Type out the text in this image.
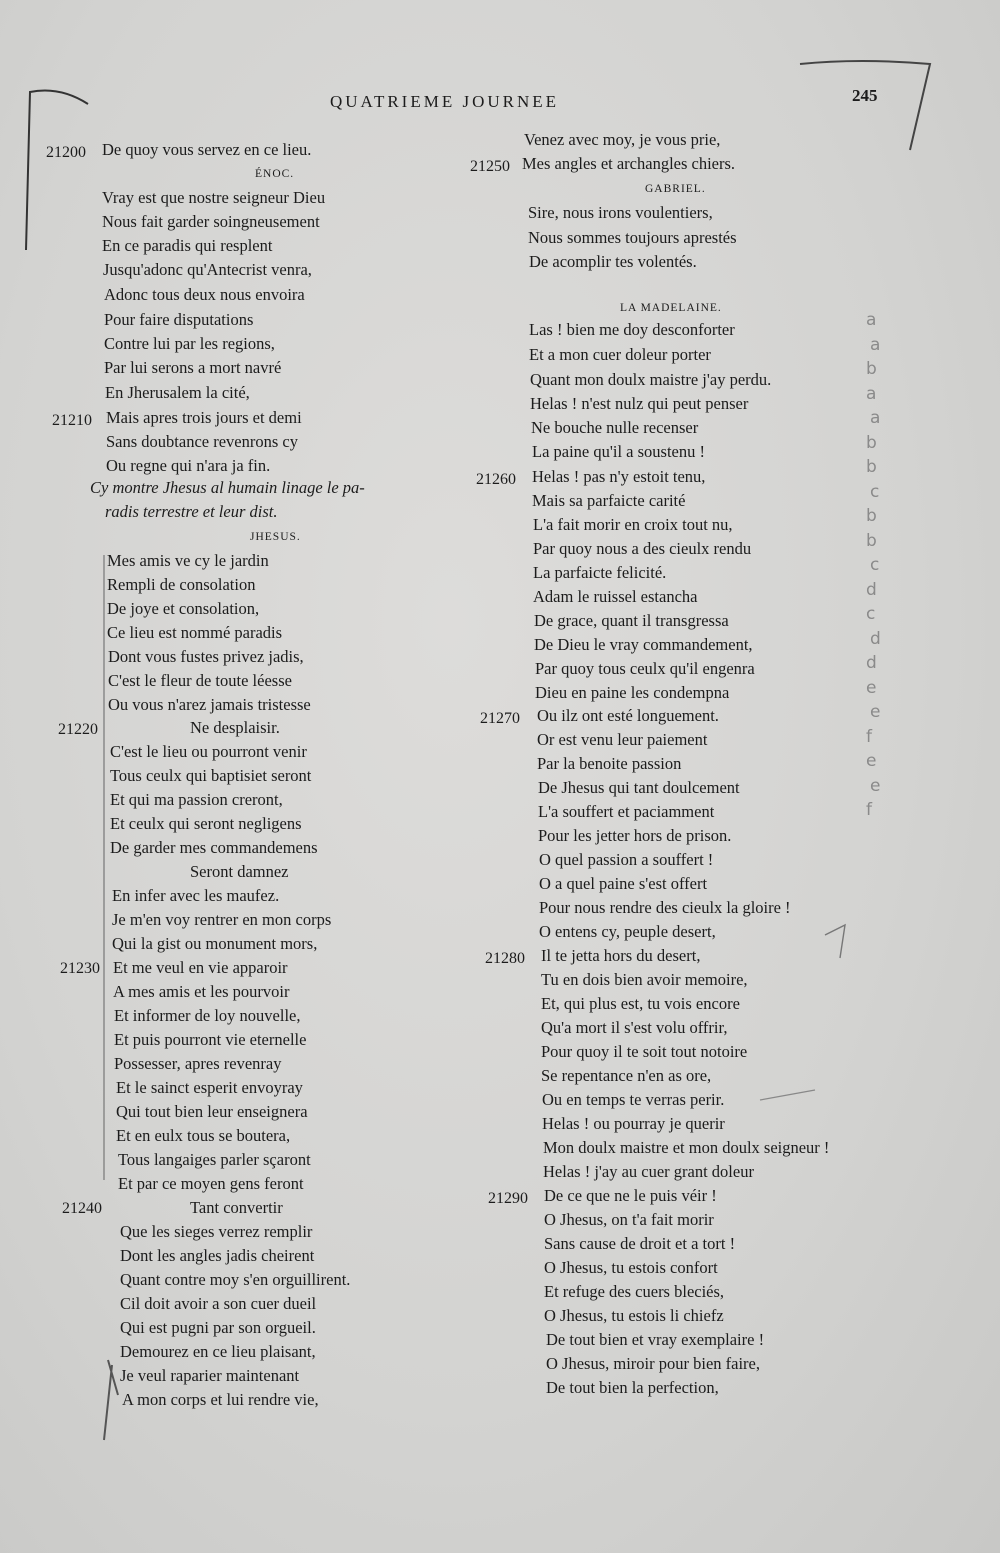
QUATRIEME JOURNEE	245
De quoy vous servez en ce lieu.
Vray est que nostre seigneur Dieu
Nous fait garder soingneusement
En ce paradis qui resplent
Jusqu'adonc qu'Antecrist venra,
Adonc tous deux nous envoira
Pour faire disputations
Contre lui par les regions,
Par lui serons a mort navré
En Jherusalem la cité,
Mais apres trois jours et demi
Sans doubtance revenrons cy
Ou regne qui n'ara ja fin.
Mes amis ve cy le jardin
Rempli de consolation
De joye et consolation,
Ce lieu est nommé paradis
Dont vous fustes privez jadis,
C'est le fleur de toute léesse
Ou vous n'arez jamais tristesse
Ne desplaisir.
C'est le lieu ou pourront venir
Tous ceulx qui baptisiet seront
Et qui ma passion creront,
Et ceulx qui seront negligens
De garder mes commandemens
Seront damnez
En infer avec les maufez.
Je m'en voy rentrer en mon corps
Qui la gist ou monument mors,
Et me veul en vie apparoir
A mes amis et les pourvoir
Et informer de loy nouvelle,
Et puis pourront vie eternelle
Possesser, apres revenray
Et le sainct esperit envoyray
Qui tout bien leur enseignera
Et en eulx tous se boutera,
Tous langaiges parler sçaront
Et par ce moyen gens feront
Tant convertir
Que les sieges verrez remplir
Dont les angles jadis cheirent
Quant contre moy s'en orguillirent.
Cil doit avoir a son cuer dueil
Qui est pugni par son orgueil.
Demourez en ce lieu plaisant,
Je veul raparier maintenant
A mon corps et lui rendre vie,
21200
21210
21220
21230
21240
ÉNOC.
JHESUS.
Cy montre Jhesus al humain linage le pa-
radis terrestre et leur dist.
Venez avec moy, je vous prie,
Mes angles et archangles chiers.
Sire, nous irons voulentiers,
Nous sommes toujours aprestés
De acomplir tes volentés.
Las ! bien me doy desconforter
Et a mon cuer doleur porter
Quant mon doulx maistre j'ay perdu.
Helas ! n'est nulz qui peut penser
Ne bouche nulle recenser
La paine qu'il a soustenu !
Helas ! pas n'y estoit tenu,
Mais sa parfaicte carité
L'a fait morir en croix tout nu,
Par quoy nous a des cieulx rendu
La parfaicte felicité.
Adam le ruissel estancha
De grace, quant il transgressa
De Dieu le vray commandement,
Par quoy tous ceulx qu'il engenra
Dieu en paine les condempna
Ou ilz ont esté longuement.
Or est venu leur paiement
Par la benoite passion
De Jhesus qui tant doulcement
L'a souffert et paciamment
Pour les jetter hors de prison.
O quel passion a souffert !
O a quel paine s'est offert
Pour nous rendre des cieulx la gloire !
O entens cy, peuple desert,
Il te jetta hors du desert,
Tu en dois bien avoir memoire,
Et, qui plus est, tu vois encore
Qu'a mort il s'est volu offrir,
Pour quoy il te soit tout notoire
Se repentance n'en as ore,
Ou en temps te verras perir.
Helas ! ou pourray je querir
Mon doulx maistre et mon doulx seigneur !
Helas ! j'ay au cuer grant doleur
De ce que ne le puis véir !
O Jhesus, on t'a fait morir
Sans cause de droit et a tort !
O Jhesus, tu estois confort
Et refuge des cuers bleciés,
O Jhesus, tu estois li chiefz
De tout bien et vray exemplaire !
O Jhesus, miroir pour bien faire,
De tout bien la perfection,
21250
21260
21270
21280
21290
GABRIEL.
LA MADELAINE.
a
a
b
a
a
b
b
c
b
b
c
d
c
d
d
e
e
f
e
e
f
